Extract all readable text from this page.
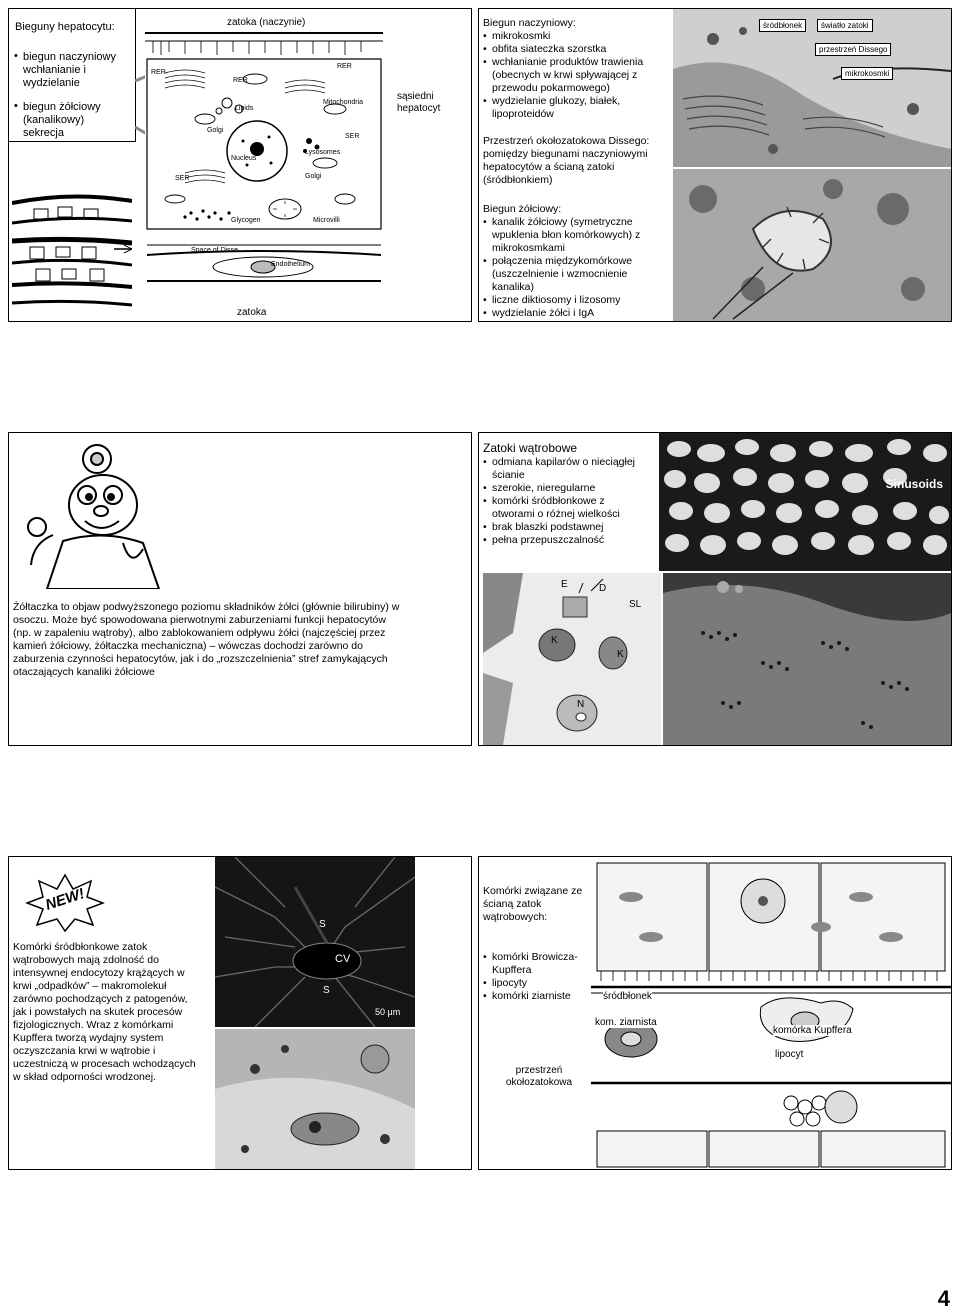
Bieguny hepatocytu:
biegun naczyniowy wchłanianie i wydzielanie
•
biegun żółciowy (kanalikowy) sekrecja
•
RER
RER
Lipids
Golgi
Mitochondria
Nucleus
SER
Lysosomes
Golgi
Glycogen	Microvilli
Space of Disse
Endothelium
SER
RER
zatoka (naczynie)
sąsiedni hepatocyt
zatoka
Biegun naczyniowy:
• mikrokosmki
• obfita siateczka szorstka
• wchłanianie produktów trawienia (obecnych w krwi spływającej z przewodu pokarmowego)
• wydzielanie glukozy, białek, lipoproteidów
Przestrzeń okołozatokowa Dissego:
pomiędzy biegunami naczyniowymi hepatocytów a ścianą zatoki (śródbłonkiem)
Biegun żółciowy:
• kanalik żółciowy (symetryczne wpuklenia błon komórkowych) z mikrokosmkami
• połączenia międzykomórkowe (uszczelnienie i wzmocnienie kanalika)
• liczne diktiosomy i lizosomy
• wydzielanie żółci i IgA
śródbłonek	światło zatoki
przestrzeń Dissego
mikrokosmki
Żółtaczka to objaw podwyższonego poziomu składników żółci (głównie bilirubiny) w osoczu. Może być spowodowana pierwotnymi zaburzeniami funkcji hepatocytów (np. w zapaleniu wątroby), albo zablokowaniem odpływu żółci (najczęściej przez kamień żółciowy, żółtaczka mechaniczna) – wówczas dochodzi zarówno do zaburzenia czynności hepatocytów, jak i do „rozszczelnienia” stref zamykających otaczających kanaliki żółciowe
Zatoki wątrobowe
• odmiana kapilarów o nieciągłej ścianie
• szerokie, nieregularne
• komórki śródbłonkowe z otworami o różnej wielkości
• brak blaszki podstawnej
• pełna przepuszczalność
Sinusoids
E	D
SL
K
K
N
NEW!
Komórki śródbłonkowe zatok wątrobowych mają zdolność do intensywnej endocytozy krążących w krwi „odpadków” – makromolekuł zarówno pochodzących z patogenów, jak i powstałych na skutek procesów fizjologicznych. Wraz z komórkami Kupffera tworzą wydajny system oczyszczania krwi w wątrobie i uczestniczą w procesach wchodzących w skład odporności wrodzonej.
S
CV
S
50 μm
Komórki związane ze ścianą zatok wątrobowych:
• komórki Browicza-Kupffera
• lipocyty
• komórki ziarniste	śródbłonek
kom. ziarnista
komórka Kupffera
lipocyt
przestrzeń okołozatokowa
4
